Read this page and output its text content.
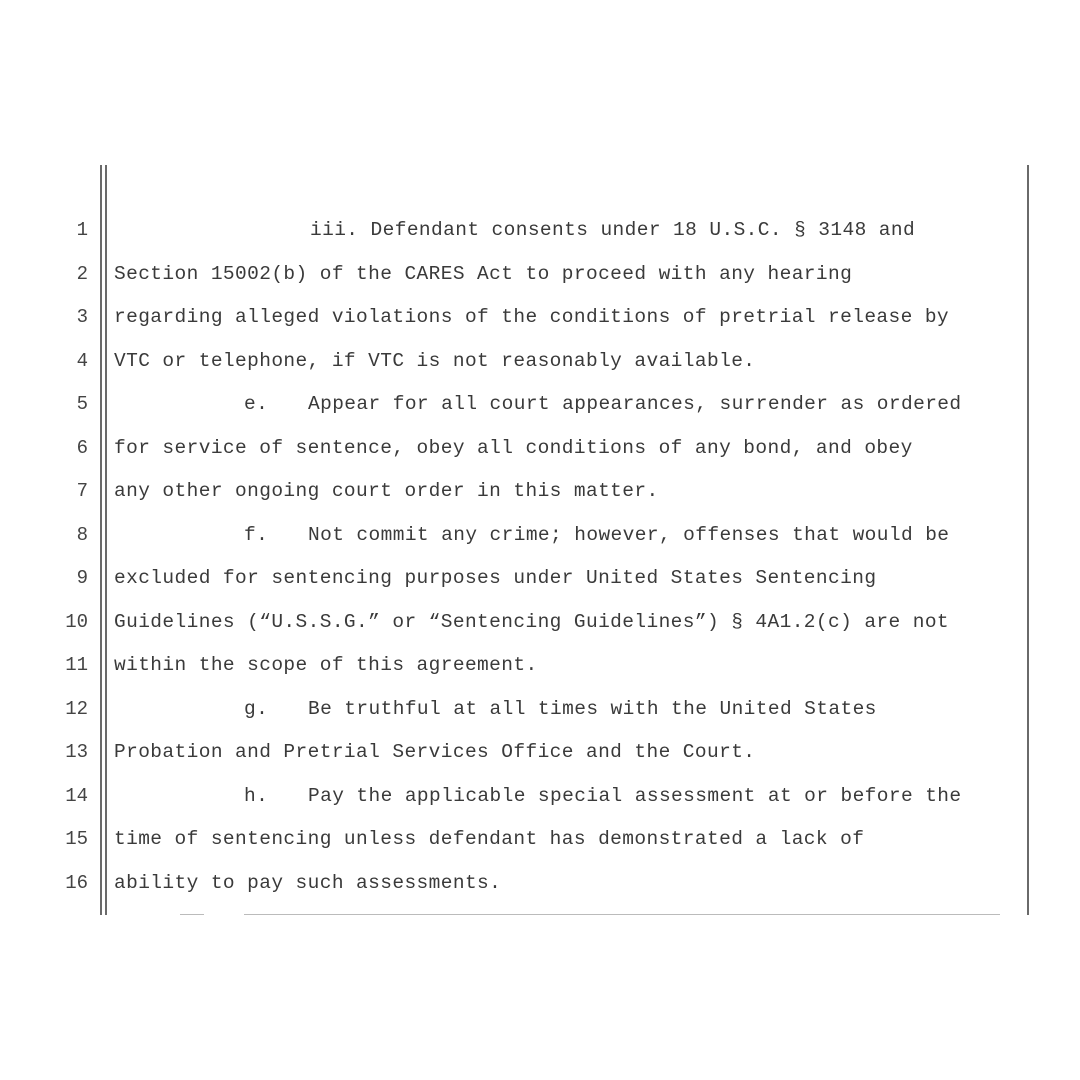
1
2
3
4
5
6
7
8
9
10
11
12
13
14
15
16
iii. Defendant consents under 18 U.S.C. § 3148 and
Section 15002(b) of the CARES Act to proceed with any hearing
regarding alleged violations of the conditions of pretrial release by
VTC or telephone, if VTC is not reasonably available.
e. Appear for all court appearances, surrender as ordered
for service of sentence, obey all conditions of any bond, and obey
any other ongoing court order in this matter.
f. Not commit any crime; however, offenses that would be
excluded for sentencing purposes under United States Sentencing
Guidelines (“U.S.S.G.” or “Sentencing Guidelines”) § 4A1.2(c) are not
within the scope of this agreement.
g. Be truthful at all times with the United States
Probation and Pretrial Services Office and the Court.
h. Pay the applicable special assessment at or before the
time of sentencing unless defendant has demonstrated a lack of
ability to pay such assessments.
